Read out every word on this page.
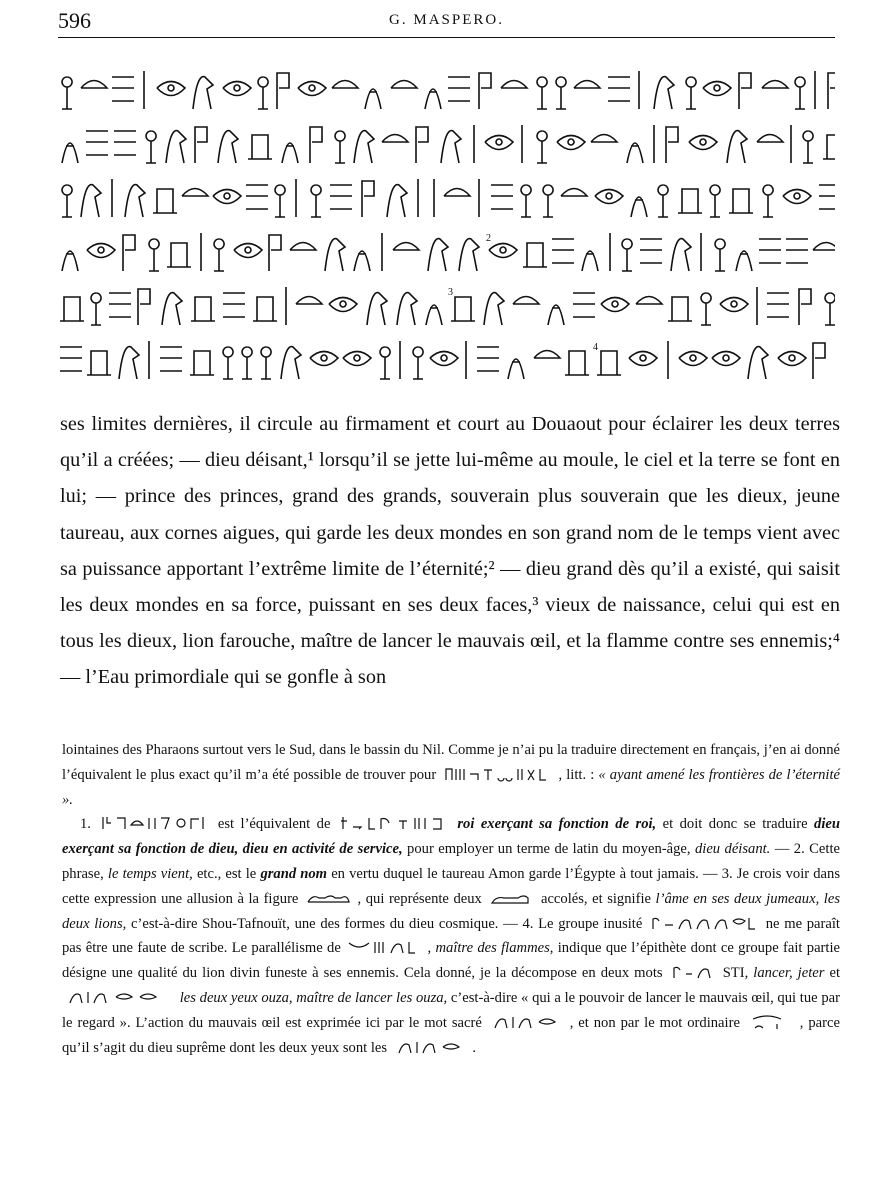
596	G. MASPERO.
2
3
4

ses limites dernières, il circule au firmament et court au Douaout pour éclairer les deux terres qu’il a créées; — dieu déisant,¹ lorsqu’il se jette lui-même au moule, le ciel et la terre se font en lui; — prince des princes, grand des grands, souverain plus souverain que les dieux, jeune taureau, aux cornes aigues, qui garde les deux mondes en son grand nom de le temps vient avec sa puissance apportant l’extrême limite de l’éternité;² — dieu grand dès qu’il a existé, qui saisit les deux mondes en sa force, puissant en ses deux faces,³ vieux de naissance, celui qui est en tous les dieux, lion farouche, maître de lancer le mauvais œil, et la flamme contre ses ennemis;⁴ — l’Eau primordiale qui se gonfle à son

lointaines des Pharaons surtout vers le Sud, dans le bassin du Nil. Comme je n’ai pu la traduire directement en français, j’en ai donné l’équivalent le plus exact qu’il m’a été possible de trouver pour	, litt. : « ayant amené les frontières de l’éternité ».

1.	est l’équivalent de	roi exerçant sa fonction de roi, et doit donc se traduire dieu exerçant sa fonction de dieu, dieu en activité de service, pour employer un terme de latin du moyen-âge, dieu déisant. — 2. Cette phrase, le temps vient, etc., est le grand nom en vertu duquel le taureau Amon garde l’Égypte à tout jamais. — 3. Je crois voir dans cette expression une allusion à la figure	, qui représente deux	accolés, et signifie l’âme en ses deux jumeaux, les deux lions, c’est-à-dire Shou-Tafnouït, une des formes du dieu cosmique. — 4. Le groupe inusité	ne me paraît pas être une faute de scribe. Le parallélisme de	, maître des flammes, indique que l’épithète dont ce groupe fait partie désigne une qualité du lion divin funeste à ses ennemis. Cela donné, je la décompose en deux mots	STI, lancer, jeter et
les deux yeux ouza, maître de lancer les ouza, c’est-à-dire « qui a le pouvoir de lancer le mauvais œil, qui tue par le regard ». L’action du mauvais œil est exprimée ici par le mot sacré	, et non par le mot ordinaire	, parce qu’il s’agit du dieu suprême dont les deux yeux sont les	.
